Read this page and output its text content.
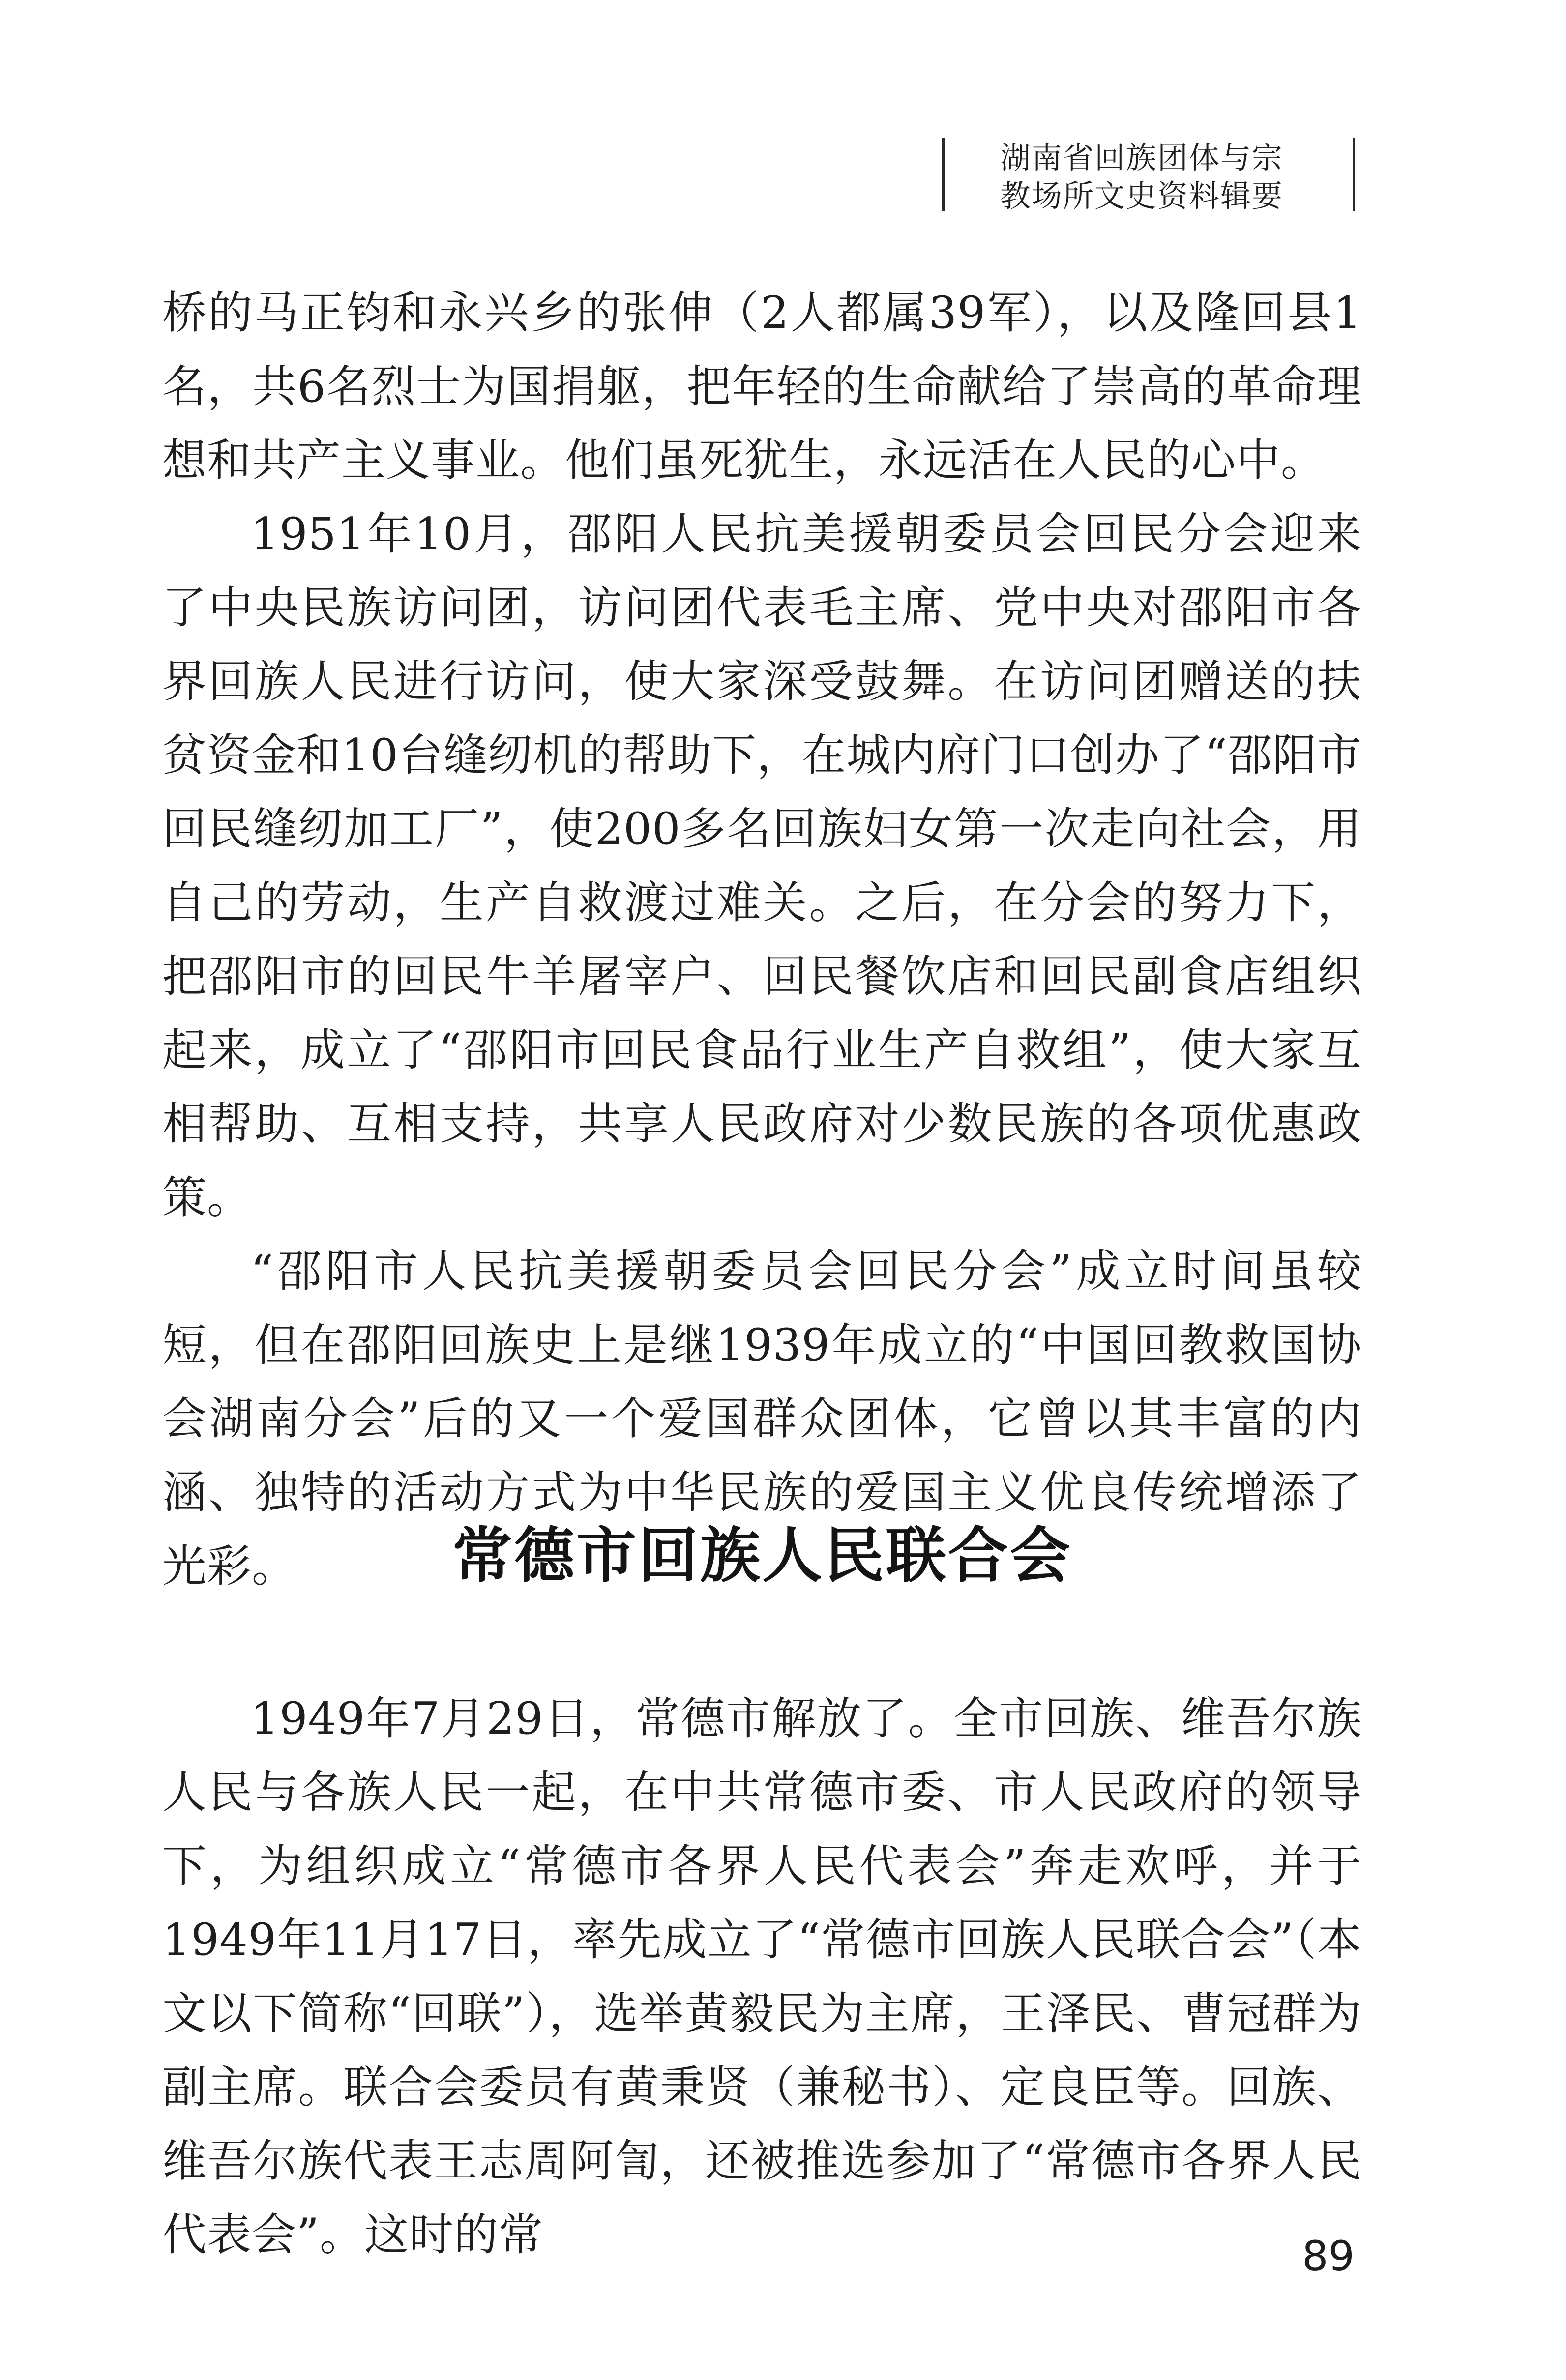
湖南省回族团体与宗
教场所文史资料辑要

桥的马正钧和永兴乡的张伸（2人都属39军），以及隆回县1名，共6名烈士为国捐躯，把年轻的生命献给了崇高的革命理想和共产主义事业。他们虽死犹生，永远活在人民的心中。

1951年10月，邵阳人民抗美援朝委员会回民分会迎来了中央民族访问团，访问团代表毛主席、党中央对邵阳市各界回族人民进行访问，使大家深受鼓舞。在访问团赠送的扶贫资金和10台缝纫机的帮助下，在城内府门口创办了“邵阳市回民缝纫加工厂”，使200多名回族妇女第一次走向社会，用自己的劳动，生产自救渡过难关。之后，在分会的努力下，把邵阳市的回民牛羊屠宰户、回民餐饮店和回民副食店组织起来，成立了“邵阳市回民食品行业生产自救组”，使大家互相帮助、互相支持，共享人民政府对少数民族的各项优惠政策。

“邵阳市人民抗美援朝委员会回民分会”成立时间虽较短，但在邵阳回族史上是继1939年成立的“中国回教救国协会湖南分会”后的又一个爱国群众团体，它曾以其丰富的内涵、独特的活动方式为中华民族的爱国主义优良传统增添了光彩。	常德市回族人民联合会

1949年7月29日，常德市解放了。全市回族、维吾尔族人民与各族人民一起，在中共常德市委、市人民政府的领导下，为组织成立“常德市各界人民代表会”奔走欢呼，并于1949年11月17日，率先成立了“常德市回族人民联合会”（本文以下简称“回联”），选举黄毅民为主席，王泽民、曹冠群为副主席。联合会委员有黄秉贤（兼秘书）、定良臣等。回族、维吾尔族代表王志周阿訇，还被推选参加了“常德市各界人民代表会”。这时的常	89
